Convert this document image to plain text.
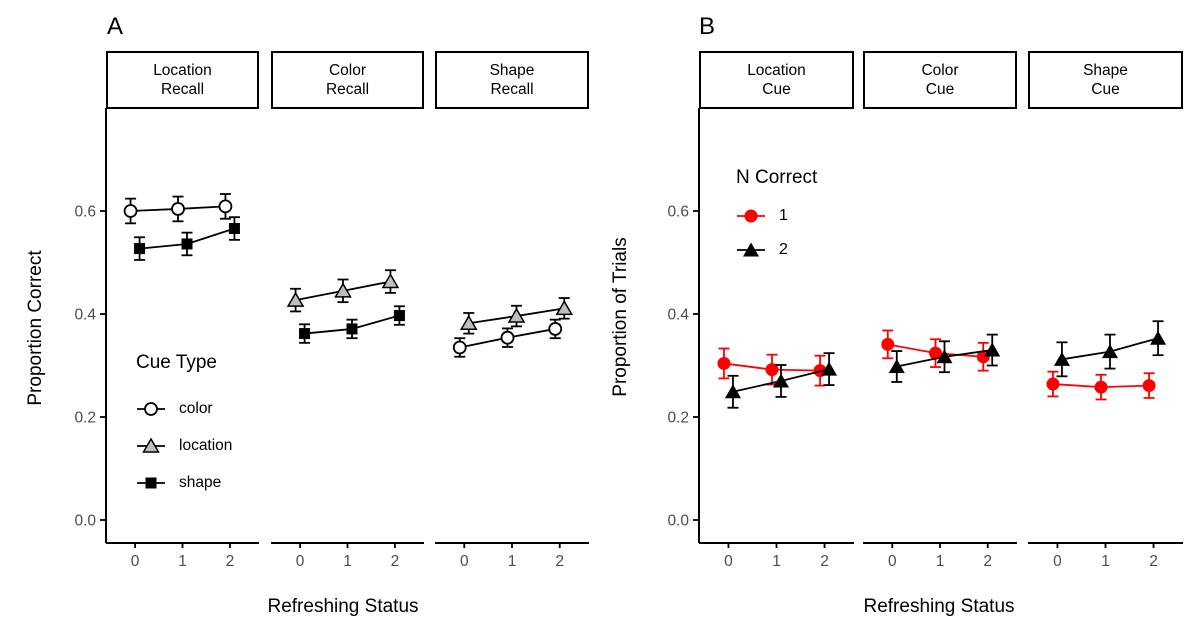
0.0
0.2
0.4
0.6
Location
Recall
0	1	2
Color
Recall
0	1	2
Shape
Recall
0	1	2
0.0
0.2
0.4
0.6
Location
Cue
0	1	2
Color
Cue
0	1	2
Shape
Cue
0	1	2
A	B
Proportion Correct	Proportion of Trials
Refreshing Status	Refreshing Status
Cue Type
color
location
shape
N Correct
1
2
